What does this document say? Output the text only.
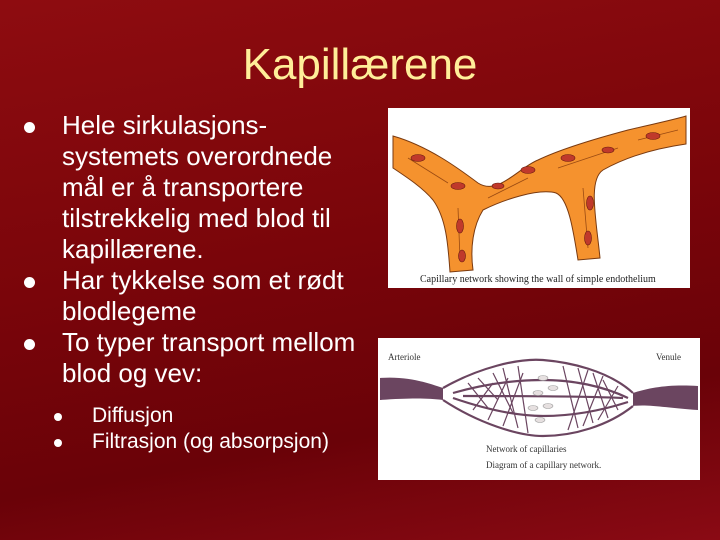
Kapillærene
Hele sirkulasjons-systemets overordnede mål er å transportere tilstrekkelig med blod til kapillærene.
Har tykkelse som et rødt blodlegeme
To typer transport mellom blod og vev:
Diffusjon
Filtrasjon (og absorpsjon)
Capillary network showing the wall of simple endothelium
Arteriole	Venule
Network of capillaries
Diagram of a capillary network.
